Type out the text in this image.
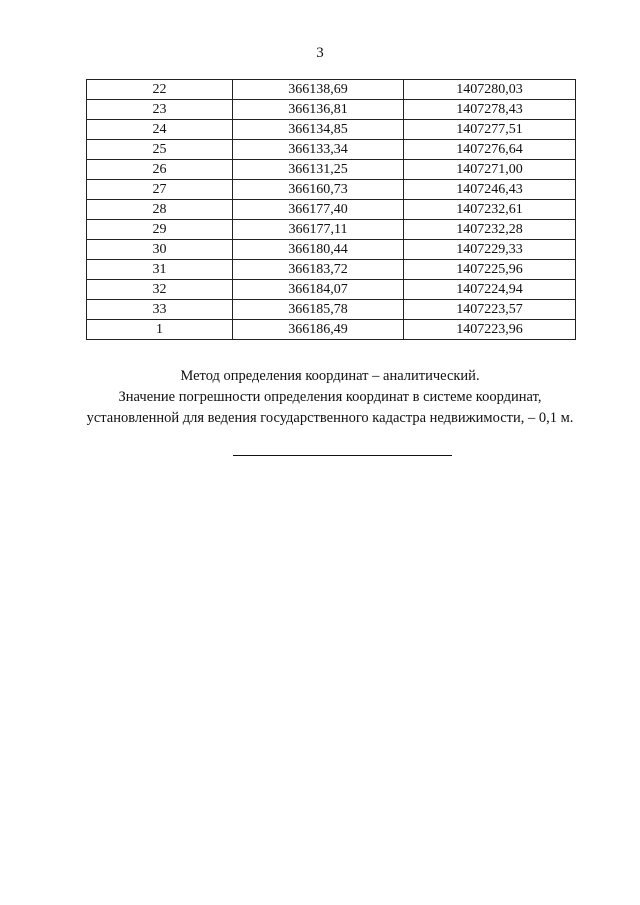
3
22	366138,69	1407280,03
23	366136,81	1407278,43
24	366134,85	1407277,51
25	366133,34	1407276,64
26	366131,25	1407271,00
27	366160,73	1407246,43
28	366177,40	1407232,61
29	366177,11	1407232,28
30	366180,44	1407229,33
31	366183,72	1407225,96
32	366184,07	1407224,94
33	366185,78	1407223,57
1	366186,49	1407223,96

Метод определения координат – аналитический.

Значение погрешности определения координат в системе координат,

установленной для ведения государственного кадастра недвижимости, – 0,1 м.
